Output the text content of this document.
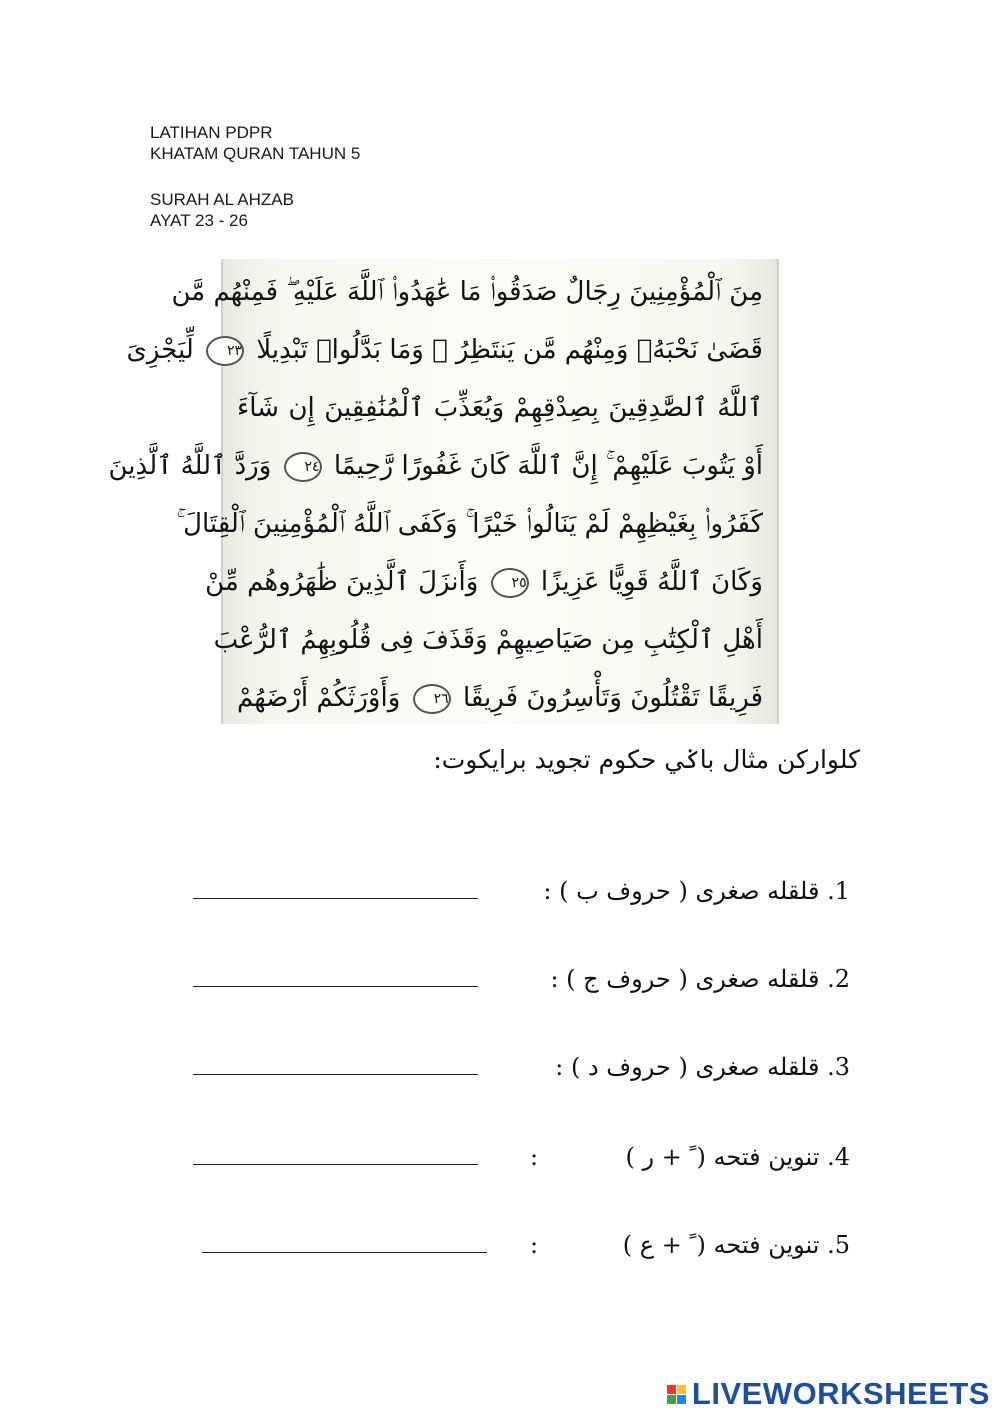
LATIHAN PDPR
KHATAM QURAN TAHUN 5
SURAH AL AHZAB
AYAT 23 - 26
مِنَ ٱلْمُؤْمِنِينَ رِجَالٌ صَدَقُوا۟ مَا عَٰهَدُوا۟ ٱللَّهَ عَلَيْهِ ۖ فَمِنْهُم مَّن
قَضَىٰ نَحْبَهُۥ وَمِنْهُم مَّن يَنتَظِرُ ۖ وَمَا بَدَّلُوا۟ تَبْدِيلًا ٢٣ لِّيَجْزِىَ
ٱللَّهُ ٱلصَّٰدِقِينَ بِصِدْقِهِمْ وَيُعَذِّبَ ٱلْمُنَٰفِقِينَ إِن شَآءَ
أَوْ يَتُوبَ عَلَيْهِمْ ۚ إِنَّ ٱللَّهَ كَانَ غَفُورًا رَّحِيمًا ٢٤ وَرَدَّ ٱللَّهُ ٱلَّذِينَ
كَفَرُوا۟ بِغَيْظِهِمْ لَمْ يَنَالُوا۟ خَيْرًا ۚ وَكَفَى ٱللَّهُ ٱلْمُؤْمِنِينَ ٱلْقِتَالَ ۚ
وَكَانَ ٱللَّهُ قَوِيًّا عَزِيزًا ٢٥ وَأَنزَلَ ٱلَّذِينَ ظَٰهَرُوهُم مِّنْ
أَهْلِ ٱلْكِتَٰبِ مِن صَيَاصِيهِمْ وَقَذَفَ فِى قُلُوبِهِمُ ٱلرُّعْبَ
فَرِيقًا تَقْتُلُونَ وَتَأْسِرُونَ فَرِيقًا ٢٦ وَأَوْرَثَكُمْ أَرْضَهُمْ
كلواركن مثال باݢي حكوم تجويد برايكوت:
1. قلقله صغرى ( حروف ب ) :
2. قلقله صغرى ( حروف ج ) :
3. قلقله صغرى ( حروف د ) :
4. تنوين فتحه ( ً + ر )
:
5. تنوين فتحه ( ً + ع )
:
LIVEWORKSHEETS
